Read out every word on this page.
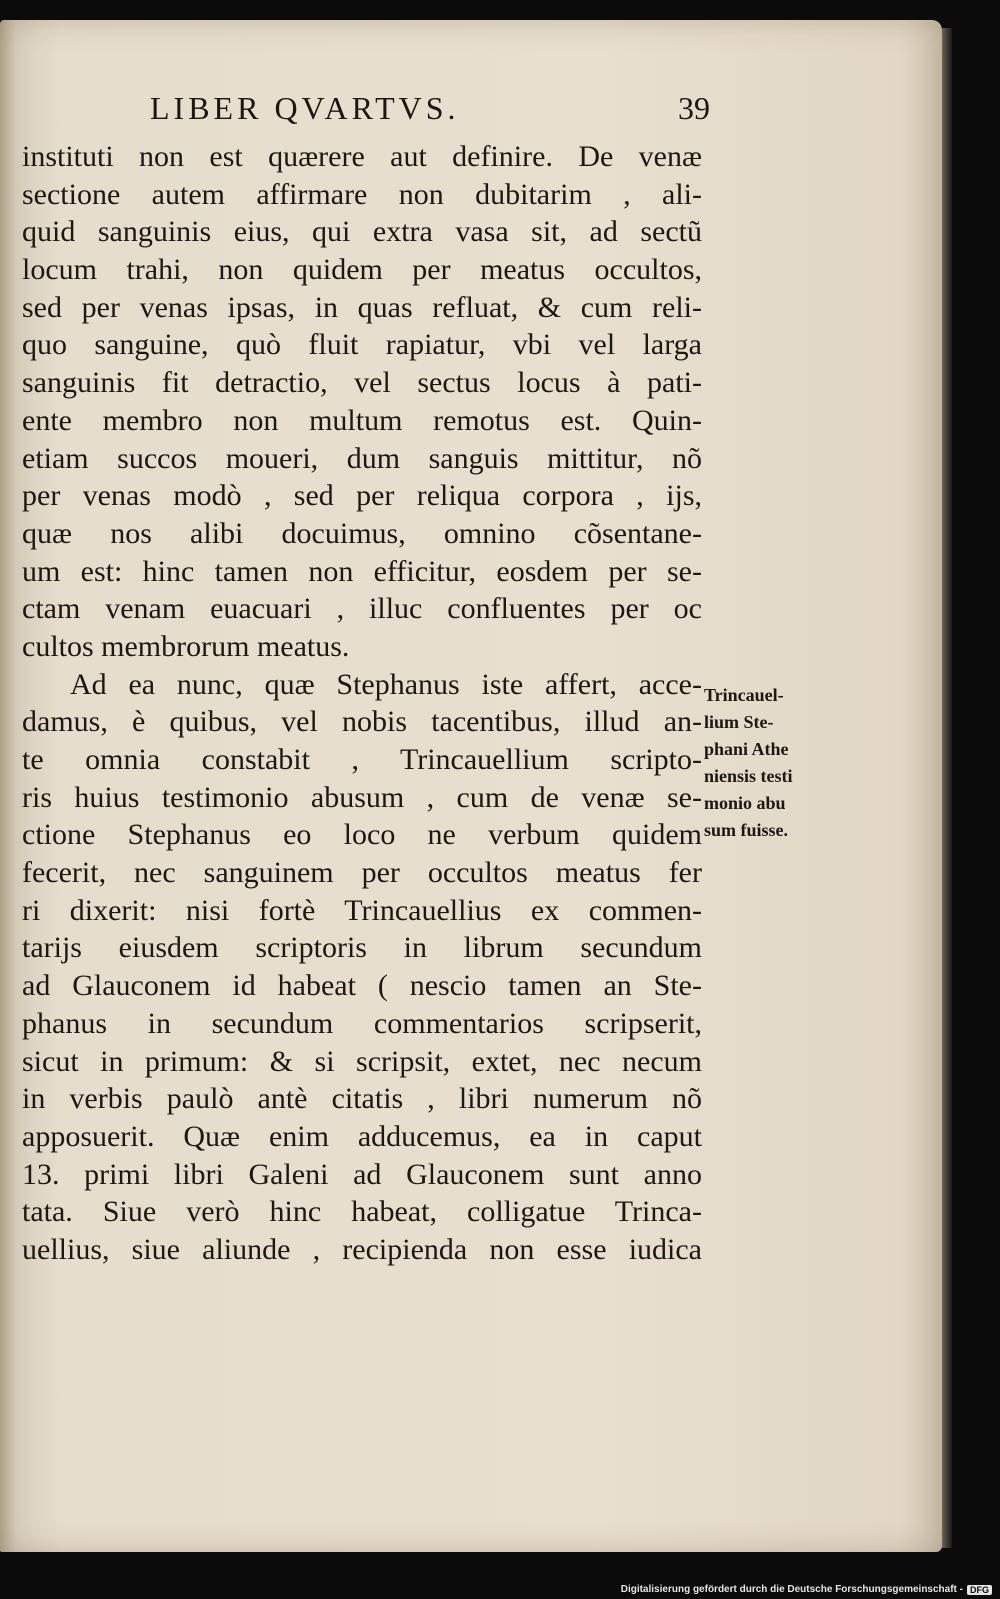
LIBER QVARTVS.	39
instituti non est quærere aut definire. De venæ
sectione autem affirmare non dubitarim , ali-
quid sanguinis eius, qui extra vasa sit, ad sectũ
locum trahi, non quidem per meatus occultos,
sed per venas ipsas, in quas refluat, & cum reli-
quo sanguine, quò fluit rapiatur, vbi vel larga
sanguinis fit detractio, vel sectus locus à pati-
ente membro non multum remotus est. Quin-
etiam succos moueri, dum sanguis mittitur, nõ
per venas modò , sed per reliqua corpora , ijs,
quæ nos alibi docuimus, omnino cõsentane-
um est: hinc tamen non efficitur, eosdem per se-
ctam venam euacuari , illuc confluentes per oc
cultos membrorum meatus.
Ad ea nunc, quæ Stephanus iste affert, acce-
damus, è quibus, vel nobis tacentibus, illud an-
te omnia constabit , Trincauellium scripto-
ris huius testimonio abusum , cum de venæ se-
ctione Stephanus eo loco ne verbum quidem
fecerit, nec sanguinem per occultos meatus fer
ri dixerit: nisi fortè Trincauellius ex commen-
tarijs eiusdem scriptoris in librum secundum
ad Glauconem id habeat ( nescio tamen an Ste-
phanus in secundum commentarios scripserit,
sicut in primum: & si scripsit, extet, nec necum
in verbis paulò antè citatis , libri numerum nõ
apposuerit. Quæ enim adducemus, ea in caput
13. primi libri Galeni ad Glauconem sunt anno
tata. Siue verò hinc habeat, colligatue Trinca-
uellius, siue aliunde , recipienda non esse iudica
Trincauel-
lium Ste-
phani Athe
niensis testi
monio abu
sum fuisse.
Digitalisierung gefördert durch die Deutsche Forschungsgemeinschaft - DFG
